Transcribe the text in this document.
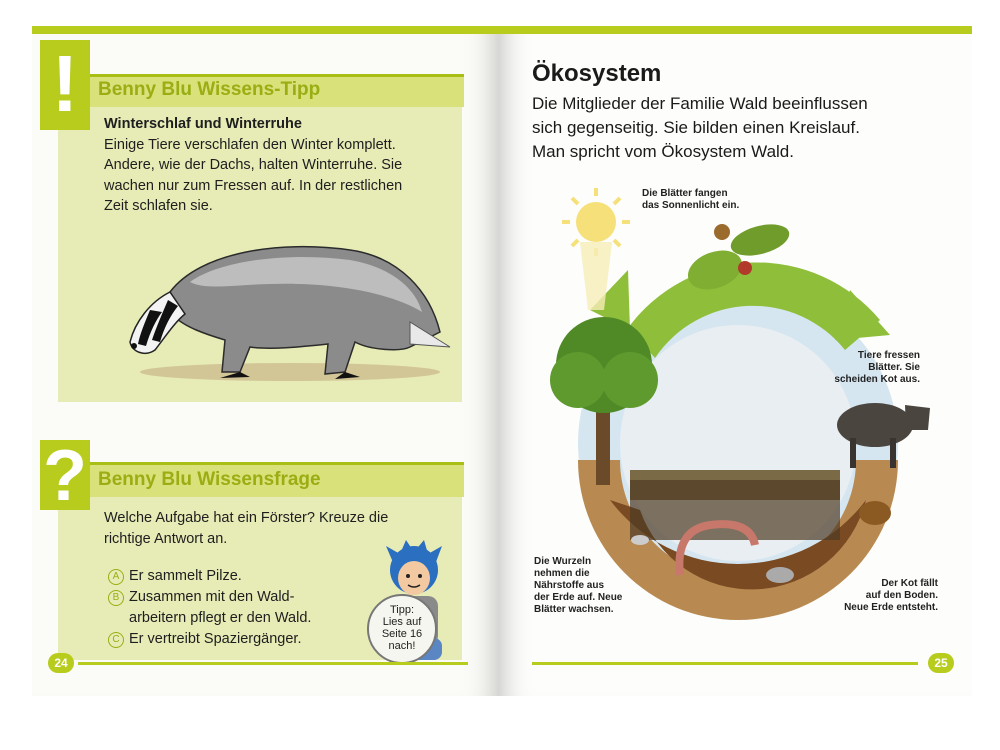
!	Benny Blu Wissens-Tipp
Winterschlaf und Winterruhe
Einige Tiere verschlafen den Winter komplett.
Andere, wie der Dachs, halten Winterruhe. Sie
wachen nur zum Fressen auf. In der restlichen
Zeit schlafen sie.
? Benny Blu Wissensfrage
Welche Aufgabe hat ein Förster? Kreuze die
richtige Antwort an.
A Er sammelt Pilze.
B Zusammen mit den Wald-
arbeitern pflegt er den Wald.
C Er vertreibt Spaziergänger.
Tipp:
Lies auf
Seite 16
nach!
24
Ökosystem
Die Mitglieder der Familie Wald beeinflussen
sich gegenseitig. Sie bilden einen Kreislauf.
Man spricht vom Ökosystem Wald.
Die Blätter fangen
das Sonnenlicht ein.
Tiere fressen
Blätter. Sie
scheiden Kot aus.
Der Kot fällt
auf den Boden.
Neue Erde entsteht.
Die Wurzeln
nehmen die
Nährstoffe aus
der Erde auf. Neue
Blätter wachsen.
25
